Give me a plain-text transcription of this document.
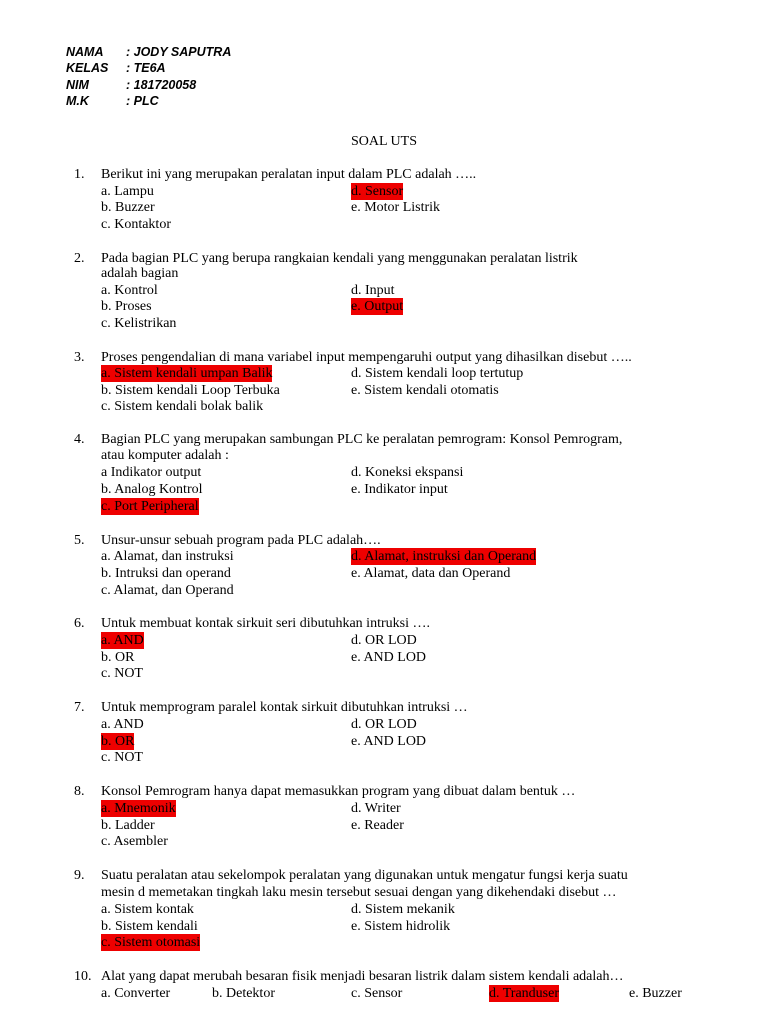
NAMA : JODY SAPUTRA
KELAS : TE6A
NIM	: 181720058
M.K	: PLC
SOAL UTS
1. Berikut ini yang merupakan peralatan input dalam PLC adalah …..
a. Lampu
b. Buzzer
c. Kontaktor
d. Sensor
e. Motor Listrik
2. Pada bagian PLC yang berupa rangkaian kendali yang menggunakan peralatan listrik
adalah bagian
a. Kontrol
b. Proses
c. Kelistrikan
d. Input
e. Output
3. Proses pengendalian di mana variabel input mempengaruhi output yang dihasilkan disebut …..
a. Sistem kendali umpan Balik
b. Sistem kendali Loop Terbuka
c. Sistem kendali bolak balik
d. Sistem kendali loop tertutup
e. Sistem kendali otomatis
4. Bagian PLC yang merupakan sambungan PLC ke peralatan pemrogram: Konsol Pemrogram,
atau komputer adalah :
a Indikator output
b. Analog Kontrol
c. Port Peripheral
d. Koneksi ekspansi
e. Indikator input
5. Unsur-unsur sebuah program pada PLC adalah….
a. Alamat, dan instruksi
b. Intruksi dan operand
c. Alamat, dan Operand
d. Alamat, instruksi dan Operand
e. Alamat, data dan Operand
6. Untuk membuat kontak sirkuit seri dibutuhkan intruksi ….
a. AND
b. OR
c. NOT
d. OR LOD
e. AND LOD
7. Untuk memprogram paralel kontak sirkuit dibutuhkan intruksi …
a. AND
b. OR
c. NOT
d. OR LOD
e. AND LOD
8. Konsol Pemrogram hanya dapat memasukkan program yang dibuat dalam bentuk …
a. Mnemonik
b. Ladder
c. Asembler
d. Writer
e. Reader
9. Suatu peralatan atau sekelompok peralatan yang digunakan untuk mengatur fungsi kerja suatu
mesin d memetakan tingkah laku mesin tersebut sesuai dengan yang dikehendaki disebut …
a. Sistem kontak
b. Sistem kendali
c. Sistem otomasi
d. Sistem mekanik
e. Sistem hidrolik
10. Alat yang dapat merubah besaran fisik menjadi besaran listrik dalam sistem kendali adalah…
a. Converter	b. Detektor	c. Sensor	d. Tranduser	e. Buzzer
